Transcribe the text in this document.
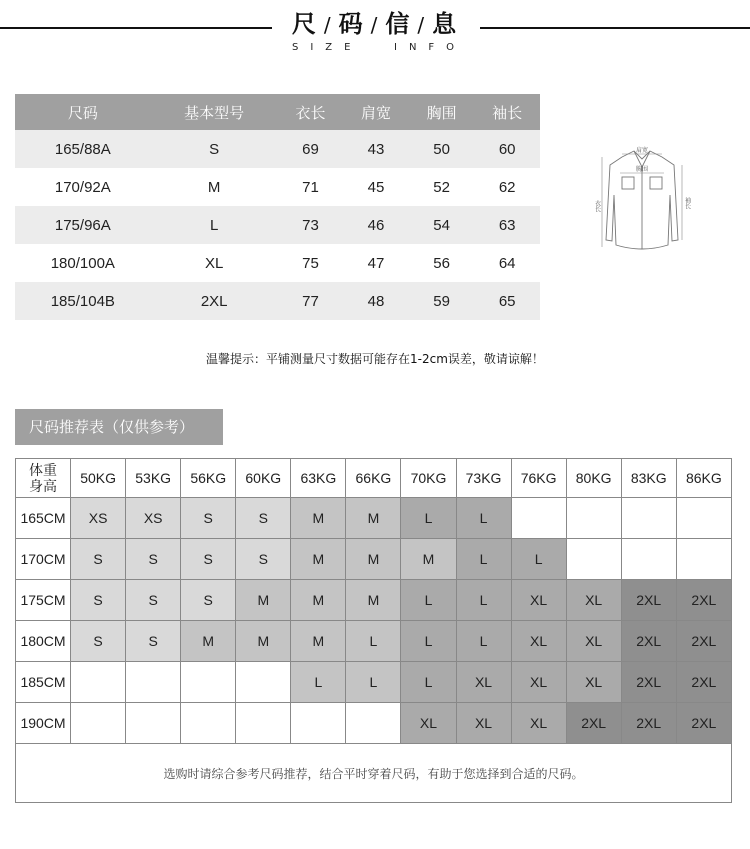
尺 / 码 / 信 / 息
SIZE	INFO
尺码	基本型号	衣长	肩宽	胸围	袖长
165/88A	S	69	43	50	60
170/92A	M	71	45	52	62
175/96A	L	73	46	54	63
180/100A	XL	75	47	56	64
185/104B	2XL	77	48	59	65
肩宽
胸围
衣长	袖长
温馨提示：平铺测量尺寸数据可能存在1-2cm误差，敬请谅解！
尺码推荐表（仅供参考）
体重
身高	50KG	53KG	56KG	60KG	63KG	66KG	70KG	73KG	76KG	80KG	83KG	86KG
165CM	XS	XS	S	S	M	M	L	L				
170CM	S	S	S	S	M	M	M	L	L			
175CM	S	S	S	M	M	M	L	L	XL	XL	2XL	2XL
180CM	S	S	M	M	M	L	L	L	XL	XL	2XL	2XL
185CM					L	L	L	XL	XL	XL	2XL	2XL
190CM							XL	XL	XL	2XL	2XL	2XL
选购时请综合参考尺码推荐，结合平时穿着尺码，有助于您选择到合适的尺码。												
